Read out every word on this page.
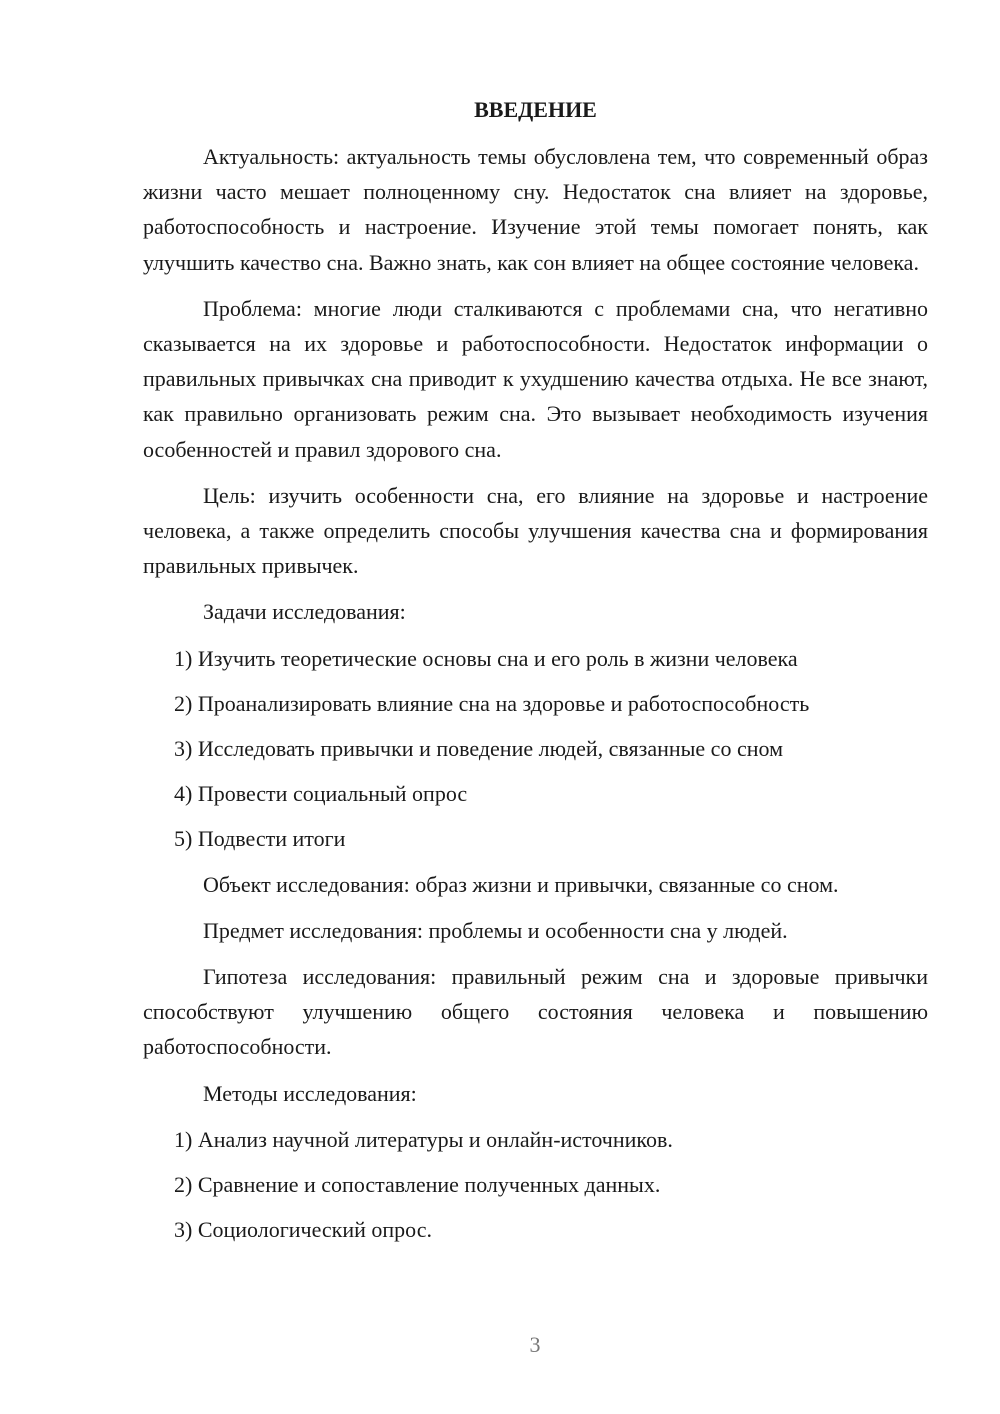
ВВЕДЕНИЕ

Актуальность: актуальность темы обусловлена тем, что современный образ жизни часто мешает полноценному сну. Недостаток сна влияет на здоровье, работоспособность и настроение. Изучение этой темы помогает понять, как улучшить качество сна. Важно знать, как сон влияет на общее состояние человека.

Проблема: многие люди сталкиваются с проблемами сна, что негативно сказывается на их здоровье и работоспособности. Недостаток информации о правильных привычках сна приводит к ухудшению качества отдыха. Не все знают, как правильно организовать режим сна. Это вызывает необходимость изучения особенностей и правил здорового сна.

Цель: изучить особенности сна, его влияние на здоровье и настроение человека, а также определить способы улучшения качества сна и формирования правильных привычек.

Задачи исследования:

1) Изучить теоретические основы сна и его роль в жизни человека
2) Проанализировать влияние сна на здоровье и работоспособность
3) Исследовать привычки и поведение людей, связанные со сном
4) Провести социальный опрос
5) Подвести итоги

Объект исследования: образ жизни и привычки, связанные со сном.

Предмет исследования: проблемы и особенности сна у людей.

Гипотеза исследования: правильный режим сна и здоровые привычки способствуют улучшению общего состояния человека и повышению работоспособности.

Методы исследования:

1) Анализ научной литературы и онлайн-источников.
2) Сравнение и сопоставление полученных данных.
3) Социологический опрос.
3
